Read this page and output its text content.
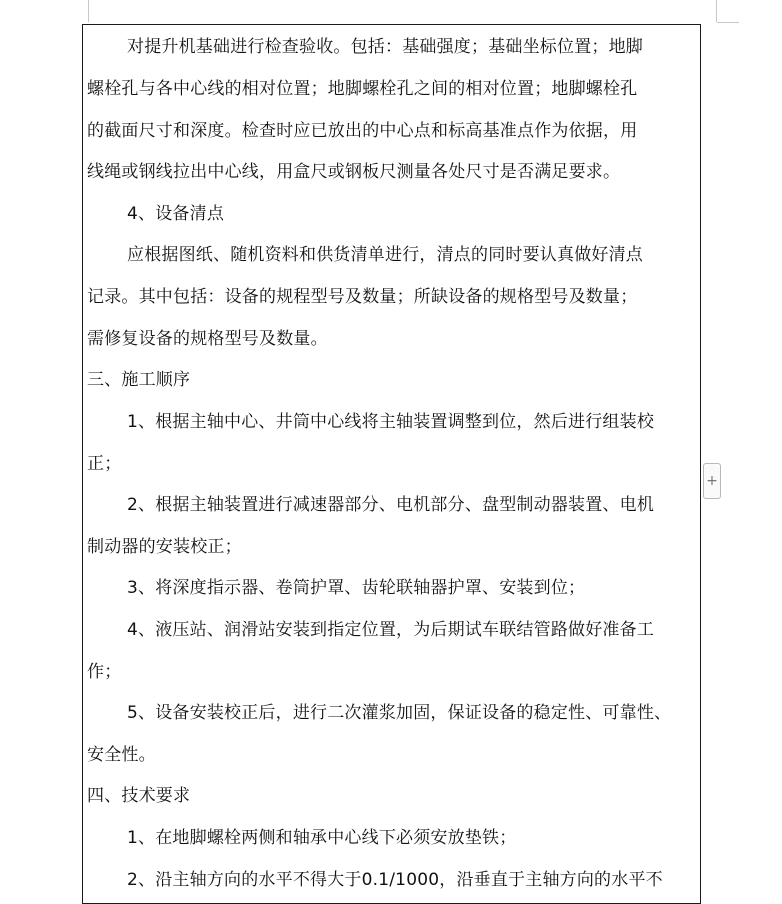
对提升机基础进行检查验收。包括：基础强度；基础坐标位置；地脚

螺栓孔与各中心线的相对位置；地脚螺栓孔之间的相对位置；地脚螺栓孔

的截面尺寸和深度。检查时应已放出的中心点和标高基准点作为依据，用

线绳或钢线拉出中心线，用盒尺或钢板尺测量各处尺寸是否满足要求。

4、设备清点

应根据图纸、随机资料和供货清单进行，清点的同时要认真做好清点

记录。其中包括：设备的规程型号及数量；所缺设备的规格型号及数量；

需修复设备的规格型号及数量。

三、施工顺序

1、根据主轴中心、井筒中心线将主轴装置调整到位，然后进行组装校

正；

2、根据主轴装置进行减速器部分、电机部分、盘型制动器装置、电机

制动器的安装校正；

3、将深度指示器、卷筒护罩、齿轮联轴器护罩、安装到位；

4、液压站、润滑站安装到指定位置，为后期试车联结管路做好准备工

作；

5、设备安装校正后，进行二次灌浆加固，保证设备的稳定性、可靠性、

安全性。

四、技术要求

1、在地脚螺栓两侧和轴承中心线下必须安放垫铁；

2、沿主轴方向的水平不得大于0.1/1000，沿垂直于主轴方向的水平不

+
